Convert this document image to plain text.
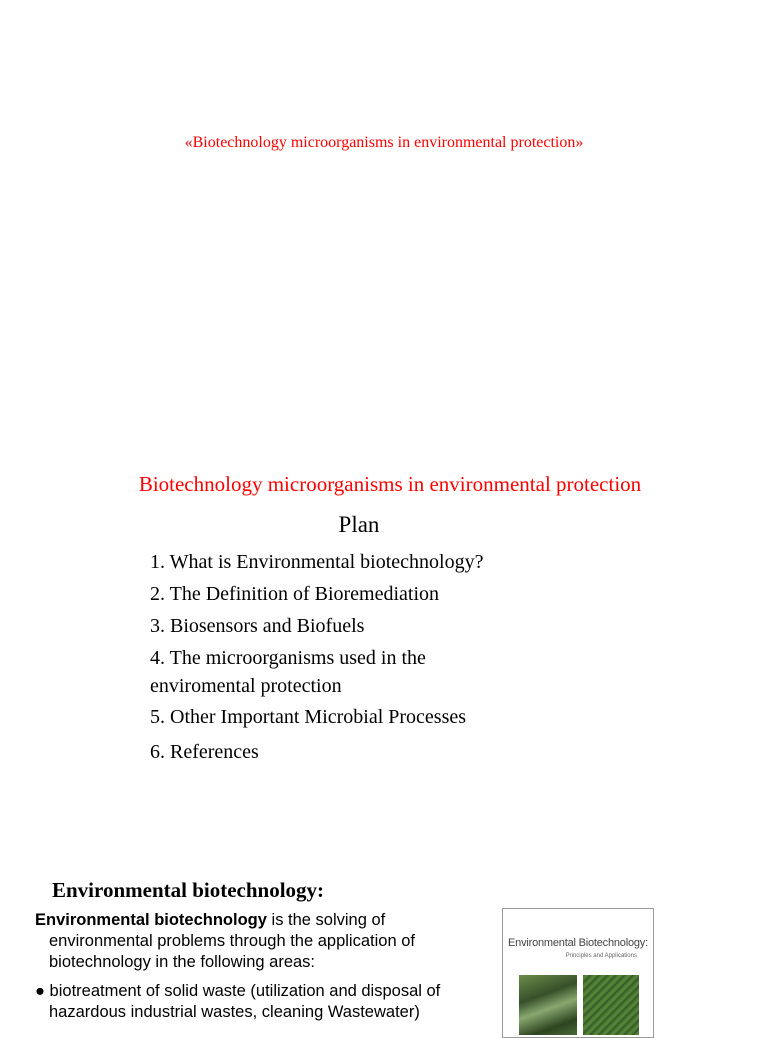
«Biotechnology microorganisms in environmental protection»
Biotechnology microorganisms in environmental protection
Plan
1. What is Environmental biotechnology?
2. The Definition of Bioremediation
3. Biosensors and Biofuels
4. The microorganisms used in the
enviromental protection
5. Other Important Microbial Processes
6. References
Environmental biotechnology:
Environmental biotechnology is the solving of
environmental problems through the application of
biotechnology in the following areas:
● biotreatment of solid waste (utilization and disposal of
hazardous industrial wastes, cleaning Wastewater)
Environmental Biotechnology:
Principles and Applications
